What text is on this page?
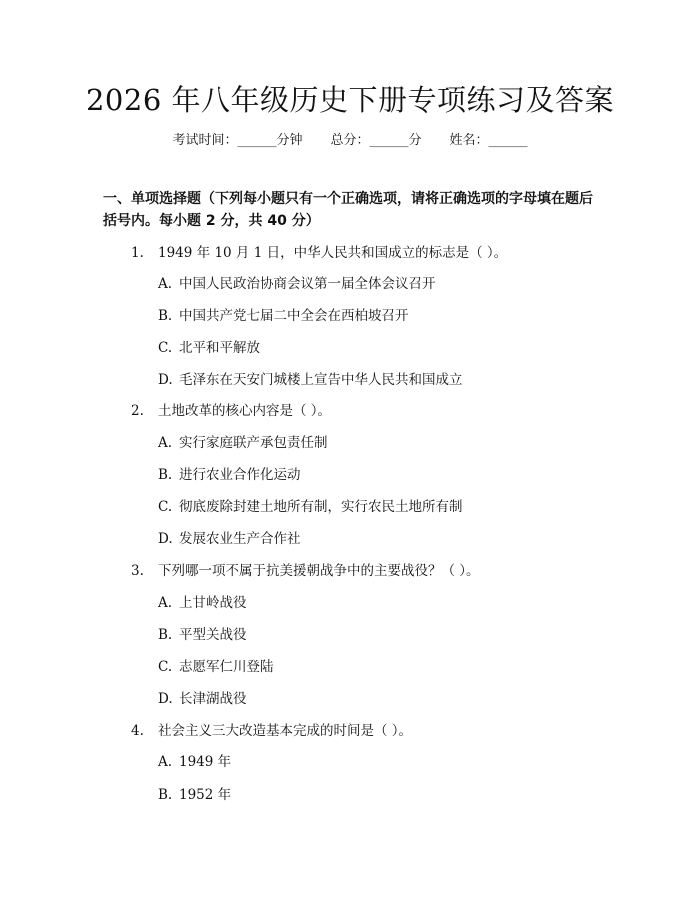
2026 年八年级历史下册专项练习及答案
考试时间：______分钟 总分：______分 姓名：______
一、单项选择题（下列每小题只有一个正确选项，请将正确选项的字母填在题后括号内。每小题 2 分，共 40 分）
1. 1949 年 10 月 1 日，中华人民共和国成立的标志是（ ）。
A. 中国人民政治协商会议第一届全体会议召开
B. 中国共产党七届二中全会在西柏坡召开
C. 北平和平解放
D. 毛泽东在天安门城楼上宣告中华人民共和国成立
2. 土地改革的核心内容是（ ）。
A. 实行家庭联产承包责任制
B. 进行农业合作化运动
C. 彻底废除封建土地所有制，实行农民土地所有制
D. 发展农业生产合作社
3. 下列哪一项不属于抗美援朝战争中的主要战役？（ ）。
A. 上甘岭战役
B. 平型关战役
C. 志愿军仁川登陆
D. 长津湖战役
4. 社会主义三大改造基本完成的时间是（ ）。
A. 1949 年
B. 1952 年
